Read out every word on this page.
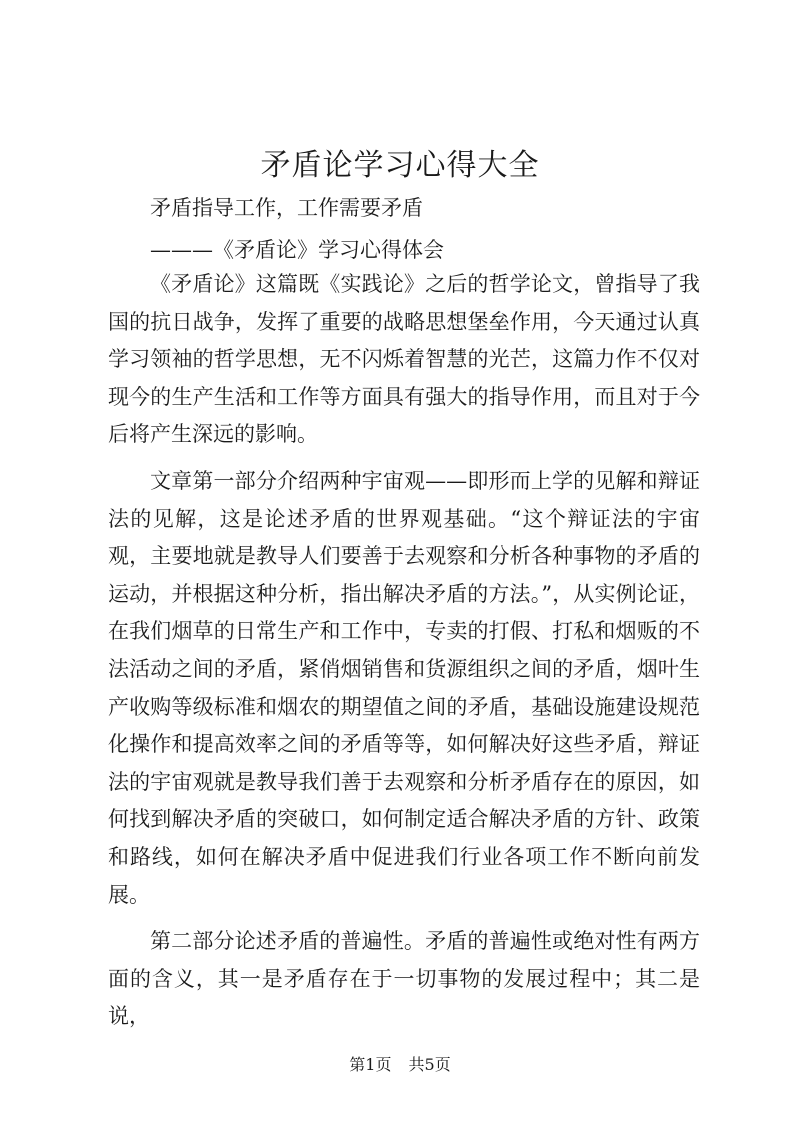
矛盾论学习心得大全

矛盾指导工作，工作需要矛盾

———《矛盾论》学习心得体会

《矛盾论》这篇既《实践论》之后的哲学论文，曾指导了我国的抗日战争，发挥了重要的战略思想堡垒作用，今天通过认真学习领袖的哲学思想，无不闪烁着智慧的光芒，这篇力作不仅对现今的生产生活和工作等方面具有强大的指导作用，而且对于今后将产生深远的影响。

文章第一部分介绍两种宇宙观——即形而上学的见解和辩证法的见解，这是论述矛盾的世界观基础。“这个辩证法的宇宙观，主要地就是教导人们要善于去观察和分析各种事物的矛盾的运动，并根据这种分析，指出解决矛盾的方法。”，从实例论证，在我们烟草的日常生产和工作中，专卖的打假、打私和烟贩的不法活动之间的矛盾，紧俏烟销售和货源组织之间的矛盾，烟叶生产收购等级标准和烟农的期望值之间的矛盾，基础设施建设规范化操作和提高效率之间的矛盾等等，如何解决好这些矛盾，辩证法的宇宙观就是教导我们善于去观察和分析矛盾存在的原因，如何找到解决矛盾的突破口，如何制定适合解决矛盾的方针、政策和路线，如何在解决矛盾中促进我们行业各项工作不断向前发展。

第二部分论述矛盾的普遍性。矛盾的普遍性或绝对性有两方面的含义，其一是矛盾存在于一切事物的发展过程中；其二是说，

第1页 共5页
